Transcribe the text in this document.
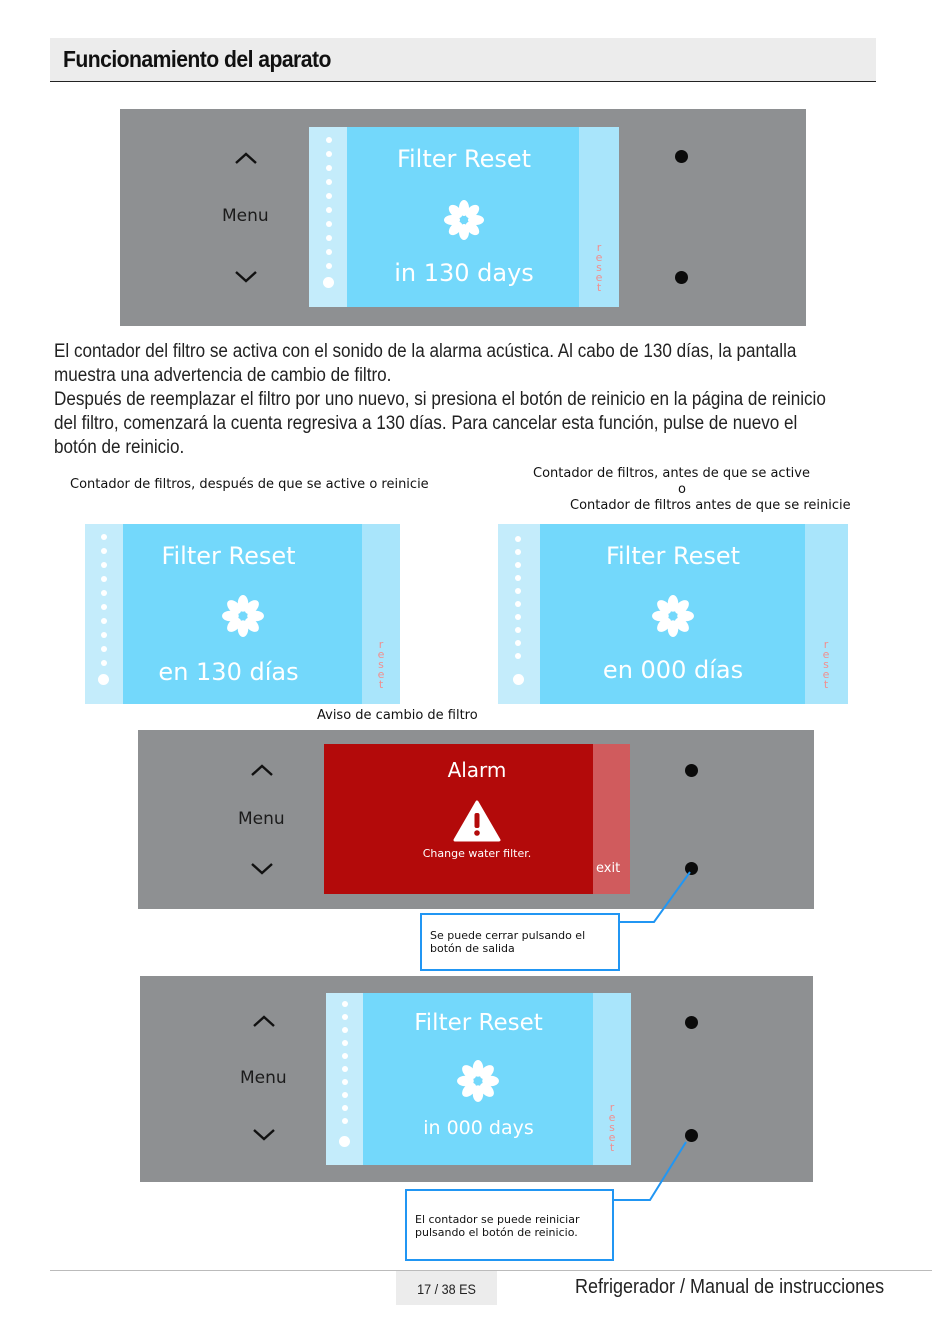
Funcionamiento del aparato
Menu
Filter Reset
in 130 days
r
e
s
e
t

El contador del filtro se activa con el sonido de la alarma acústica. Al cabo de 130 días, la pantalla muestra una advertencia de cambio de filtro.

Después de reemplazar el filtro por uno nuevo, si presiona el botón de reinicio en la página de reinicio del filtro, comenzará la cuenta regresiva a 130 días. Para cancelar esta función, pulse de nuevo el botón de reinicio.

Contador de filtros, después de que se active o reinicie
Contador de filtros, antes de que se active
o
Contador de filtros antes de que se reinicie
Filter Reset
en 130 días
r
e
s
e
t
Filter Reset
en 000 días
r
e
s
e
t
Aviso de cambio de filtro
Menu
exit
Alarm
Change water filter.
Se puede cerrar pulsando el botón de salida
Menu
Filter Reset
in 000 days
r
e
s
e
t
El contador se puede reiniciar pulsando el botón de reinicio.
17 / 38 ES	Refrigerador / Manual de instrucciones
